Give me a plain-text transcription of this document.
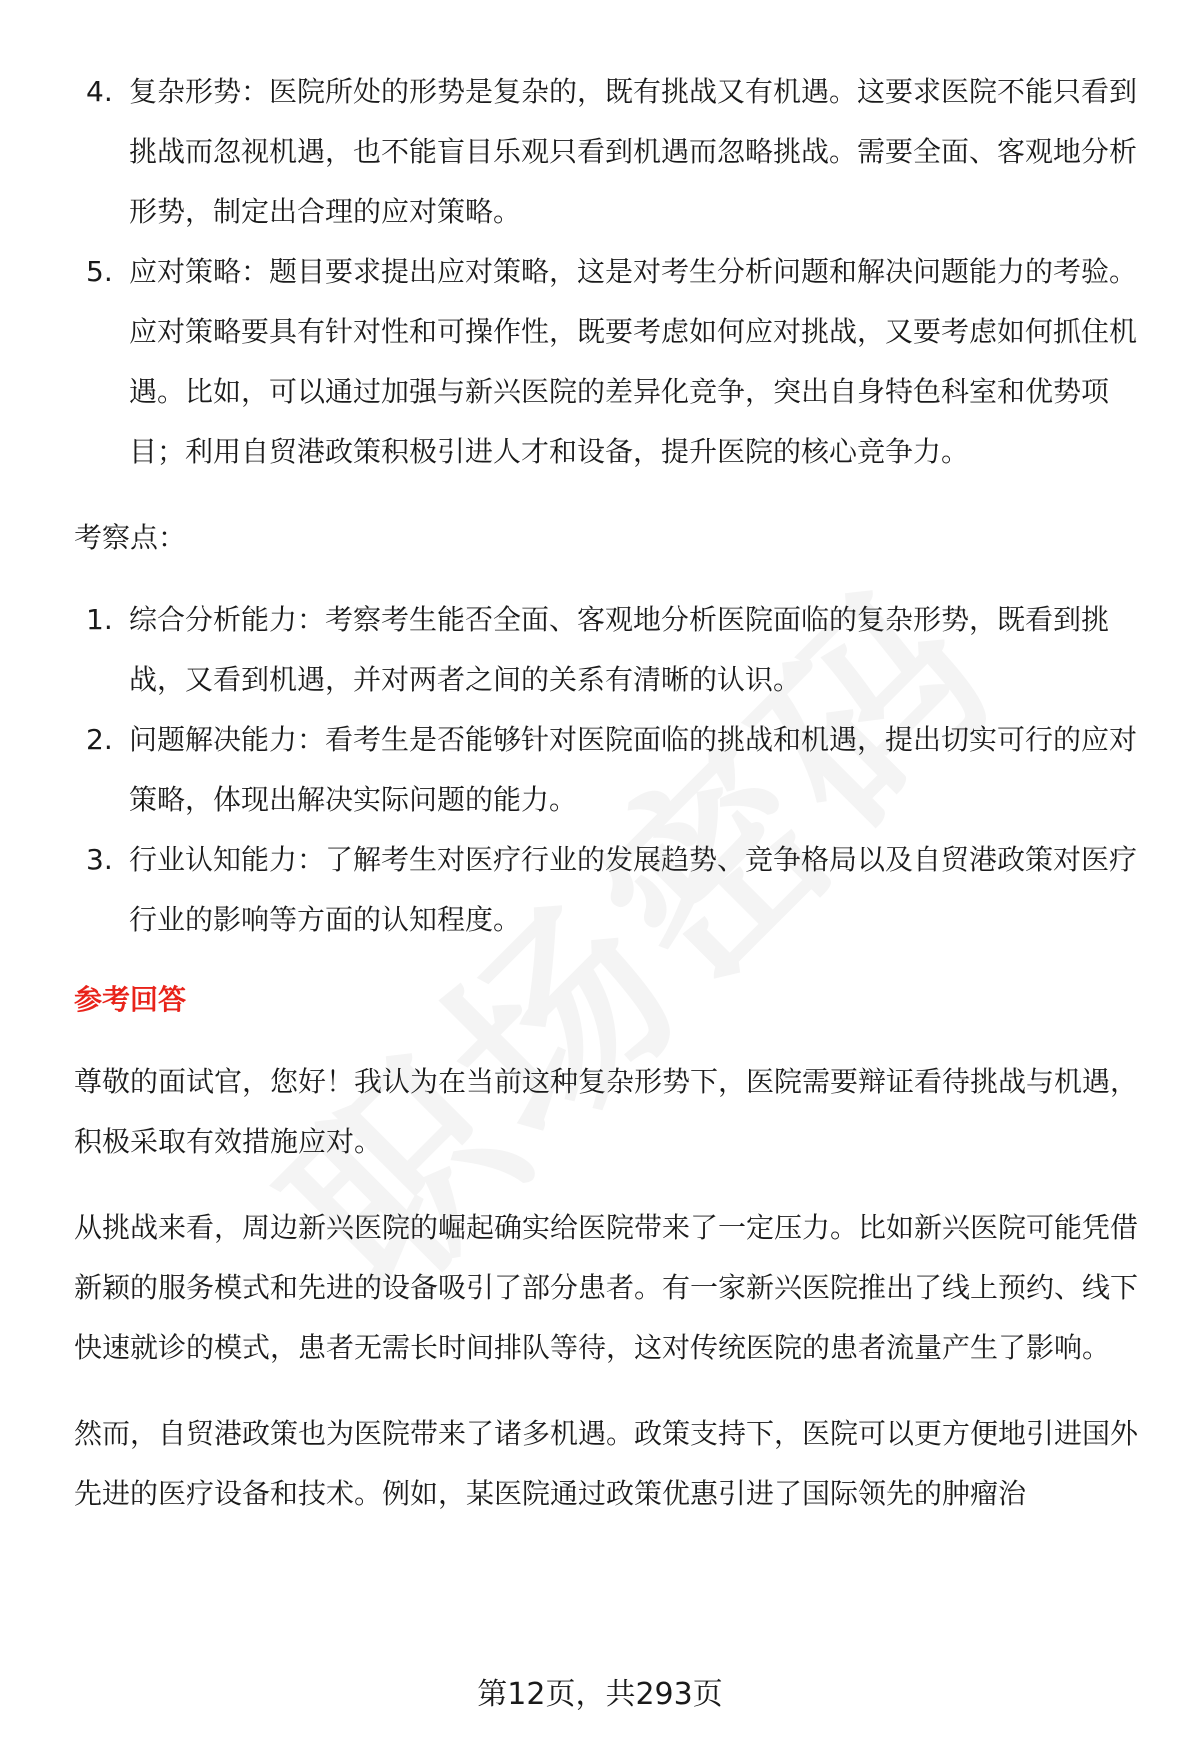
4. 复杂形势：医院所处的形势是复杂的，既有挑战又有机遇。这要求医院不能只看到挑战而忽视机遇，也不能盲目乐观只看到机遇而忽略挑战。需要全面、客观地分析形势，制定出合理的应对策略。
5. 应对策略：题目要求提出应对策略，这是对考生分析问题和解决问题能力的考验。应对策略要具有针对性和可操作性，既要考虑如何应对挑战，又要考虑如何抓住机遇。比如，可以通过加强与新兴医院的差异化竞争，突出自身特色科室和优势项目；利用自贸港政策积极引进人才和设备，提升医院的核心竞争力。

考察点：

1. 综合分析能力：考察考生能否全面、客观地分析医院面临的复杂形势，既看到挑战，又看到机遇，并对两者之间的关系有清晰的认识。
2. 问题解决能力：看考生是否能够针对医院面临的挑战和机遇，提出切实可行的应对策略，体现出解决实际问题的能力。
3. 行业认知能力：了解考生对医疗行业的发展趋势、竞争格局以及自贸港政策对医疗行业的影响等方面的认知程度。
参考回答

尊敬的面试官，您好！我认为在当前这种复杂形势下，医院需要辩证看待挑战与机遇，积极采取有效措施应对。

从挑战来看，周边新兴医院的崛起确实给医院带来了一定压力。比如新兴医院可能凭借新颖的服务模式和先进的设备吸引了部分患者。有一家新兴医院推出了线上预约、线下快速就诊的模式，患者无需长时间排队等待，这对传统医院的患者流量产生了影响。

然而，自贸港政策也为医院带来了诸多机遇。政策支持下，医院可以更方便地引进国外先进的医疗设备和技术。例如，某医院通过政策优惠引进了国际领先的肿瘤治

第12页，共293页
